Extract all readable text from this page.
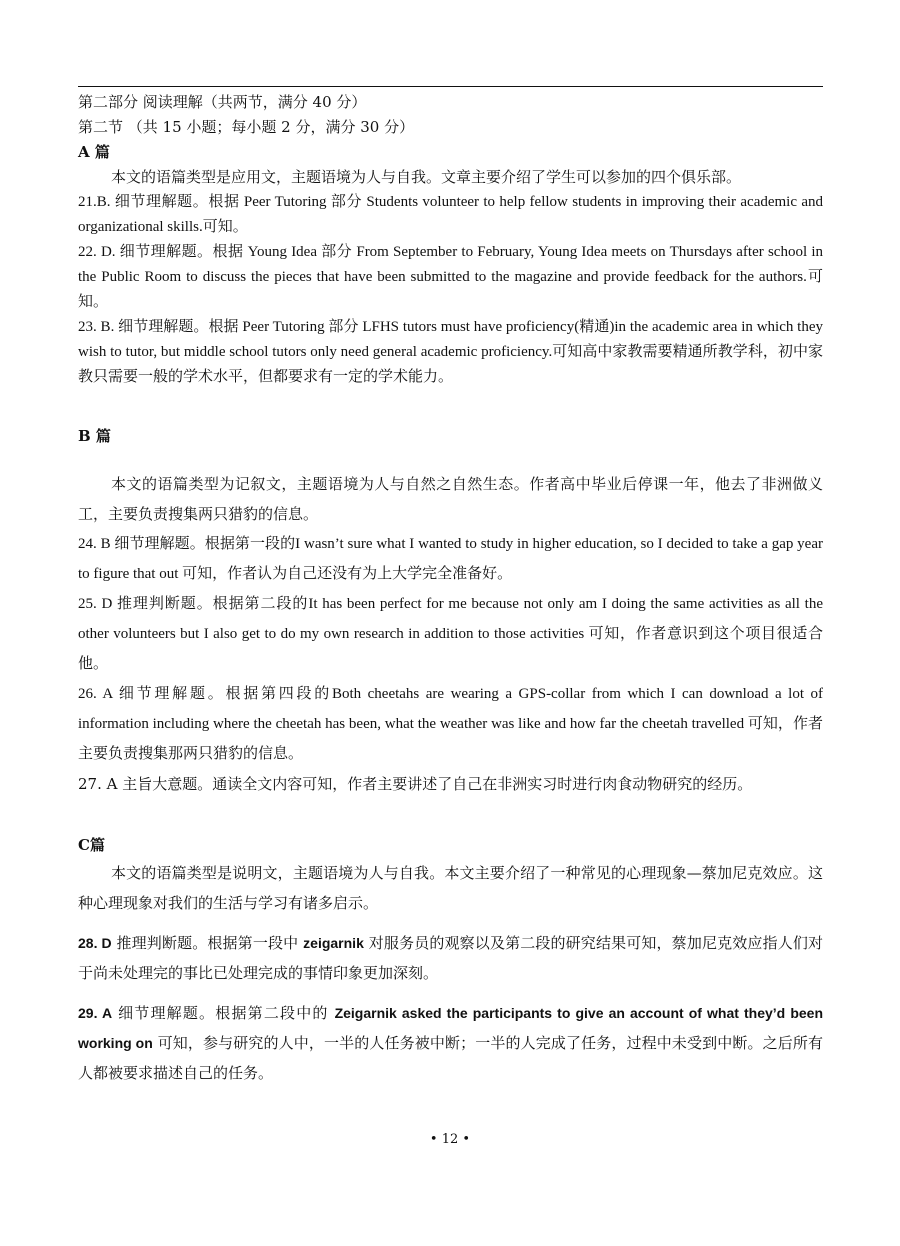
第二部分 阅读理解（共两节，满分 40 分）

第二节 （共 15 小题；每小题 2 分，满分 30 分）

A 篇

本文的语篇类型是应用文，主题语境为人与自我。文章主要介绍了学生可以参加的四个俱乐部。

21.B. 细节理解题。根据 Peer Tutoring 部分 Students volunteer to help fellow students in improving their academic and organizational skills.可知。

22. D. 细节理解题。根据 Young Idea 部分 From September to February, Young Idea meets on Thursdays after school in the Public Room to discuss the pieces that have been submitted to the magazine and provide feedback for the authors.可知。

23. B. 细节理解题。根据 Peer Tutoring 部分 LFHS tutors must have proficiency(精通)in the academic area in which they wish to tutor, but middle school tutors only need general academic proficiency.可知高中家教需要精通所教学科，初中家教只需要一般的学术水平，但都要求有一定的学术能力。

B 篇

本文的语篇类型为记叙文，主题语境为人与自然之自然生态。作者高中毕业后停课一年，他去了非洲做义工，主要负责搜集两只猎豹的信息。

24. B 细节理解题。根据第一段的I wasn’t sure what I wanted to study in higher education, so I decided to take a gap year to figure that out 可知，作者认为自己还没有为上大学完全准备好。

25. D 推理判断题。根据第二段的It has been perfect for me because not only am I doing the same activities as all the other volunteers but I also get to do my own research in addition to those activities 可知，作者意识到这个项目很适合他。

26. A 细节理解题。根据第四段的Both cheetahs are wearing a GPS-collar from which I can download a lot of information including where the cheetah has been, what the weather was like and how far the cheetah travelled 可知，作者主要负责搜集那两只猎豹的信息。

27. A 主旨大意题。通读全文内容可知，作者主要讲述了自己在非洲实习时进行肉食动物研究的经历。

C篇

本文的语篇类型是说明文，主题语境为人与自我。本文主要介绍了一种常见的心理现象—蔡加尼克效应。这种心理现象对我们的生活与学习有诸多启示。

28. D 推理判断题。根据第一段中 zeigarnik 对服务员的观察以及第二段的研究结果可知，蔡加尼克效应指人们对于尚未处理完的事比已处理完成的事情印象更加深刻。

29. A 细节理解题。根据第二段中的 Zeigarnik asked the participants to give an account of what they’d been working on 可知，参与研究的人中，一半的人任务被中断；一半的人完成了任务，过程中未受到中断。之后所有人都被要求描述自己的任务。

• 12 •
